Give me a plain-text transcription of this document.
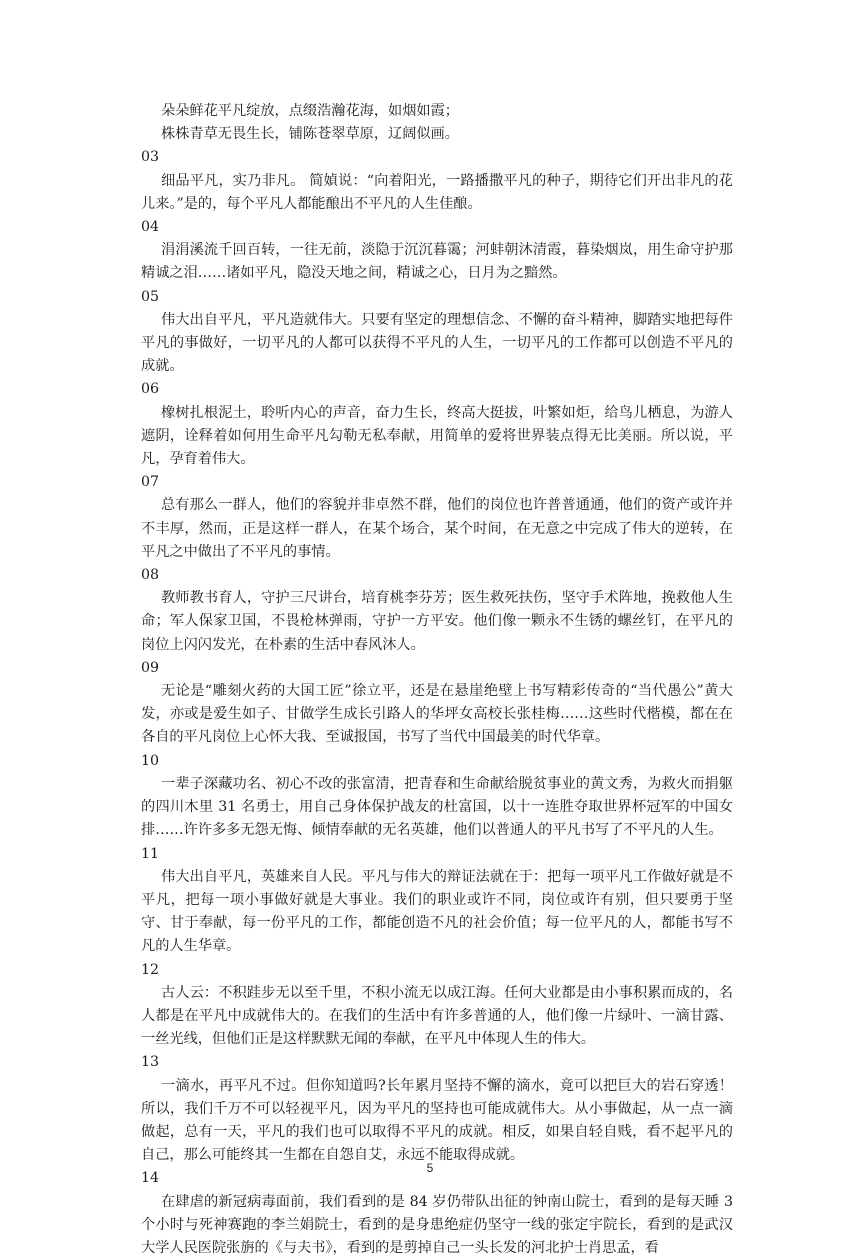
朵朵鲜花平凡绽放，点缀浩瀚花海，如烟如霞；

株株青草无畏生长，铺陈苍翠草原，辽阔似画。

03

细品平凡，实乃非凡。 简媜说：“向着阳光，一路播撒平凡的种子，期待它们开出非凡的花儿来。”是的，每个平凡人都能酿出不平凡的人生佳酿。

04

涓涓溪流千回百转，一往无前，淡隐于沉沉暮霭；河蚌朝沐清霞，暮染烟岚，用生命守护那精诚之泪……诸如平凡，隐没天地之间，精诚之心，日月为之黯然。

05

伟大出自平凡，平凡造就伟大。只要有坚定的理想信念、不懈的奋斗精神，脚踏实地把每件平凡的事做好，一切平凡的人都可以获得不平凡的人生，一切平凡的工作都可以创造不平凡的成就。

06

橡树扎根泥土，聆听内心的声音，奋力生长，终高大挺拔，叶繁如炬，给鸟儿栖息，为游人遮阴，诠释着如何用生命平凡勾勒无私奉献，用简单的爱将世界装点得无比美丽。所以说，平凡，孕育着伟大。

07

总有那么一群人，他们的容貌并非卓然不群，他们的岗位也许普普通通，他们的资产或许并不丰厚，然而，正是这样一群人，在某个场合，某个时间，在无意之中完成了伟大的逆转，在平凡之中做出了不平凡的事情。

08

教师教书育人，守护三尺讲台，培育桃李芬芳；医生救死扶伤，坚守手术阵地，挽救他人生命；军人保家卫国，不畏枪林弹雨，守护一方平安。他们像一颗永不生锈的螺丝钉，在平凡的岗位上闪闪发光，在朴素的生活中春风沐人。

09

无论是“雕刻火药的大国工匠”徐立平，还是在悬崖绝壁上书写精彩传奇的“当代愚公”黄大发，亦或是爱生如子、甘做学生成长引路人的华坪女高校长张桂梅……这些时代楷模，都在在各自的平凡岗位上心怀大我、至诚报国，书写了当代中国最美的时代华章。

10

一辈子深藏功名、初心不改的张富清，把青春和生命献给脱贫事业的黄文秀，为救火而捐躯的四川木里 31 名勇士，用自己身体保护战友的杜富国，以十一连胜夺取世界杯冠军的中国女排……许许多多无怨无悔、倾情奉献的无名英雄，他们以普通人的平凡书写了不平凡的人生。

11

伟大出自平凡，英雄来自人民。平凡与伟大的辩证法就在于：把每一项平凡工作做好就是不平凡，把每一项小事做好就是大事业。我们的职业或许不同，岗位或许有别，但只要勇于坚守、甘于奉献，每一份平凡的工作，都能创造不凡的社会价值；每一位平凡的人，都能书写不凡的人生华章。

12

古人云：不积跬步无以至千里，不积小流无以成江海。任何大业都是由小事积累而成的，名人都是在平凡中成就伟大的。在我们的生活中有许多普通的人，他们像一片绿叶、一滴甘露、一丝光线，但他们正是这样默默无闻的奉献，在平凡中体现人生的伟大。

13

一滴水，再平凡不过。但你知道吗?长年累月坚持不懈的滴水，竟可以把巨大的岩石穿透！所以，我们千万不可以轻视平凡，因为平凡的坚持也可能成就伟大。从小事做起，从一点一滴做起，总有一天，平凡的我们也可以取得不平凡的成就。相反，如果自轻自贱，看不起平凡的自己，那么可能终其一生都在自怨自艾，永远不能取得成就。

14

在肆虐的新冠病毒面前，我们看到的是 84 岁仍带队出征的钟南山院士，看到的是每天睡 3 个小时与死神赛跑的李兰娟院士，看到的是身患绝症仍坚守一线的张定宇院长，看到的是武汉大学人民医院张旃的《与夫书》，看到的是剪掉自己一头长发的河北护士肖思孟，看

5
